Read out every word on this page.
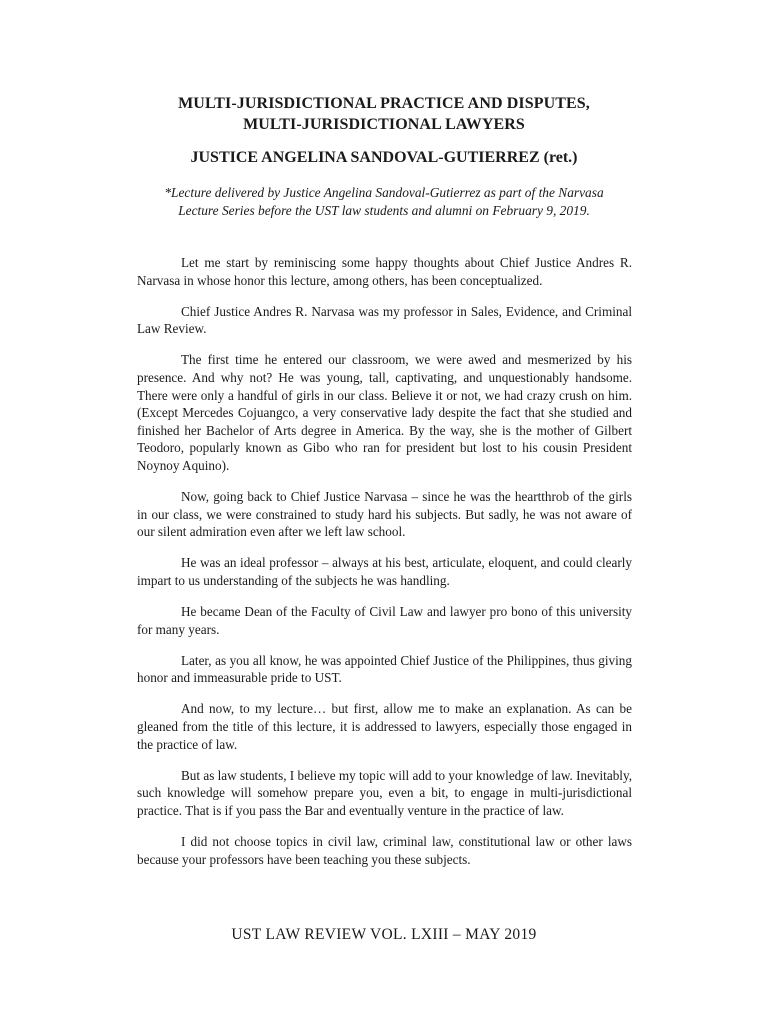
MULTI-JURISDICTIONAL PRACTICE AND DISPUTES,
MULTI-JURISDICTIONAL LAWYERS
JUSTICE ANGELINA SANDOVAL-GUTIERREZ (ret.)
*Lecture delivered by Justice Angelina Sandoval-Gutierrez as part of the Narvasa Lecture Series before the UST law students and alumni on February 9, 2019.

Let me start by reminiscing some happy thoughts about Chief Justice Andres R. Narvasa in whose honor this lecture, among others, has been conceptualized.

Chief Justice Andres R. Narvasa was my professor in Sales, Evidence, and Criminal Law Review.

The first time he entered our classroom, we were awed and mesmerized by his presence. And why not? He was young, tall, captivating, and unquestionably handsome. There were only a handful of girls in our class. Believe it or not, we had crazy crush on him. (Except Mercedes Cojuangco, a very conservative lady despite the fact that she studied and finished her Bachelor of Arts degree in America. By the way, she is the mother of Gilbert Teodoro, popularly known as Gibo who ran for president but lost to his cousin President Noynoy Aquino).

Now, going back to Chief Justice Narvasa – since he was the heartthrob of the girls in our class, we were constrained to study hard his subjects. But sadly, he was not aware of our silent admiration even after we left law school.

He was an ideal professor – always at his best, articulate, eloquent, and could clearly impart to us understanding of the subjects he was handling.

He became Dean of the Faculty of Civil Law and lawyer pro bono of this university for many years.

Later, as you all know, he was appointed Chief Justice of the Philippines, thus giving honor and immeasurable pride to UST.

And now, to my lecture… but first, allow me to make an explanation. As can be gleaned from the title of this lecture, it is addressed to lawyers, especially those engaged in the practice of law.

But as law students, I believe my topic will add to your knowledge of law. Inevitably, such knowledge will somehow prepare you, even a bit, to engage in multi-jurisdictional practice. That is if you pass the Bar and eventually venture in the practice of law.

I did not choose topics in civil law, criminal law, constitutional law or other laws because your professors have been teaching you these subjects.

UST LAW REVIEW VOL. LXIII – MAY 2019
